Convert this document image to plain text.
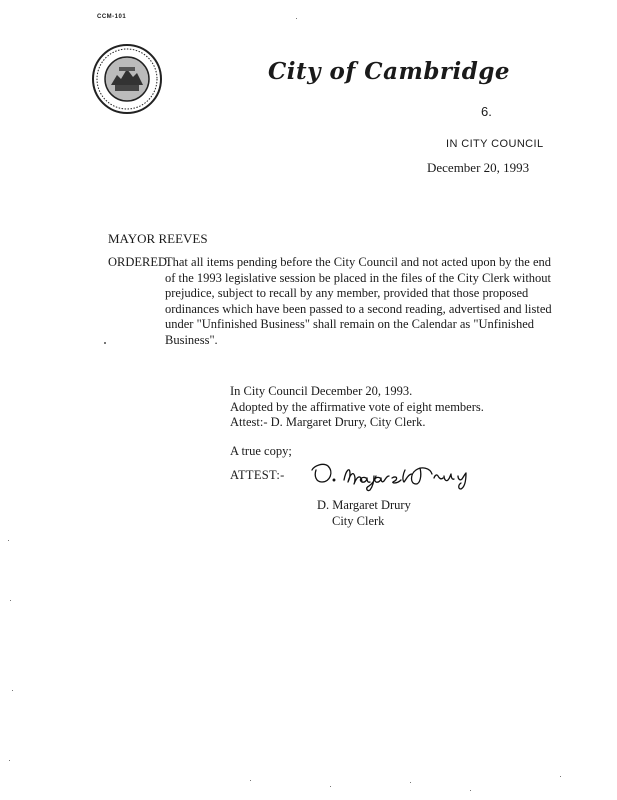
CCM-101
City of Cambridge
6.
IN CITY COUNCIL
December 20, 1993
MAYOR REEVES
ORDERED:
That all items pending before the City Council and not acted upon by the end
of the 1993 legislative session be placed in the files of the City Clerk without
prejudice, subject to recall by any member, provided that those proposed
ordinances which have been passed to a second reading, advertised and listed
under "Unfinished Business" shall remain on the Calendar as "Unfinished
Business".
In City Council December 20, 1993.
Adopted by the affirmative vote of eight members.
Attest:- D. Margaret Drury, City Clerk.
A true copy;
ATTEST:-
D. Margaret Drury
City Clerk
